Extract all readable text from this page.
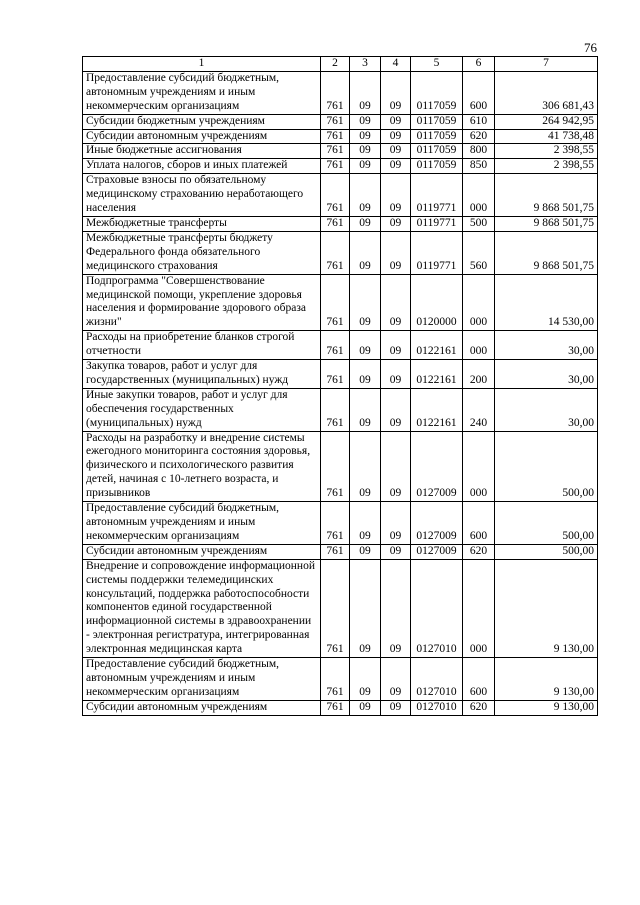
76
1	2	3	4	5	6	7
Предоставление субсидий бюджетным, автономным учреждениям и иным некоммерческим организациям	761	09	09	0117059	600	306 681,43
Субсидии бюджетным учреждениям	761	09	09	0117059	610	264 942,95
Субсидии автономным учреждениям	761	09	09	0117059	620	41 738,48
Иные бюджетные ассигнования	761	09	09	0117059	800	2 398,55
Уплата налогов, сборов и иных платежей	761	09	09	0117059	850	2 398,55
Страховые взносы по обязательному медицинскому страхованию неработающего населения	761	09	09	0119771	000	9 868 501,75
Межбюджетные трансферты	761	09	09	0119771	500	9 868 501,75
Межбюджетные трансферты бюджету Федерального фонда обязательного медицинского страхования	761	09	09	0119771	560	9 868 501,75
Подпрограмма "Совершенствование медицинской помощи, укрепление здоровья населения и формирование здорового образа жизни"	761	09	09	0120000	000	14 530,00
Расходы на приобретение бланков строгой отчетности	761	09	09	0122161	000	30,00
Закупка товаров, работ и услуг для государственных (муниципальных) нужд	761	09	09	0122161	200	30,00
Иные закупки товаров, работ и услуг для обеспечения государственных (муниципальных) нужд	761	09	09	0122161	240	30,00
Расходы на разработку и внедрение системы ежегодного мониторинга состояния здоровья, физического и психологического развития детей, начиная с 10-летнего возраста, и призывников	761	09	09	0127009	000	500,00
Предоставление субсидий бюджетным, автономным учреждениям и иным некоммерческим организациям	761	09	09	0127009	600	500,00
Субсидии автономным учреждениям	761	09	09	0127009	620	500,00
Внедрение и сопровождение информационной системы поддержки телемедицинских консультаций, поддержка работоспособности компонентов единой государственной информационной системы в здравоохранении - электронная регистратура, интегрированная электронная медицинская карта	761	09	09	0127010	000	9 130,00
Предоставление субсидий бюджетным, автономным учреждениям и иным некоммерческим организациям	761	09	09	0127010	600	9 130,00
Субсидии автономным учреждениям	761	09	09	0127010	620	9 130,00
